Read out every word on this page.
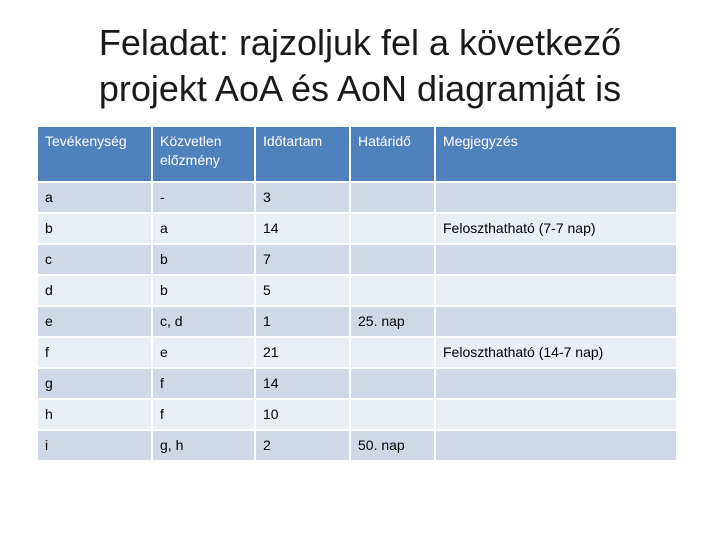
Feladat: rajzoljuk fel a következő
projekt AoA és AoN diagramját is
Tevékenység	Közvetlen előzmény	Időtartam	Határidő	Megjegyzés
a	-	3		
b	a	14		Feloszthatható (7-7 nap)
c	b	7		
d	b	5		
e	c, d	1	25. nap	
f	e	21		Feloszthatható (14-7 nap)
g	f	14		
h	f	10		
i	g, h	2	50. nap	
